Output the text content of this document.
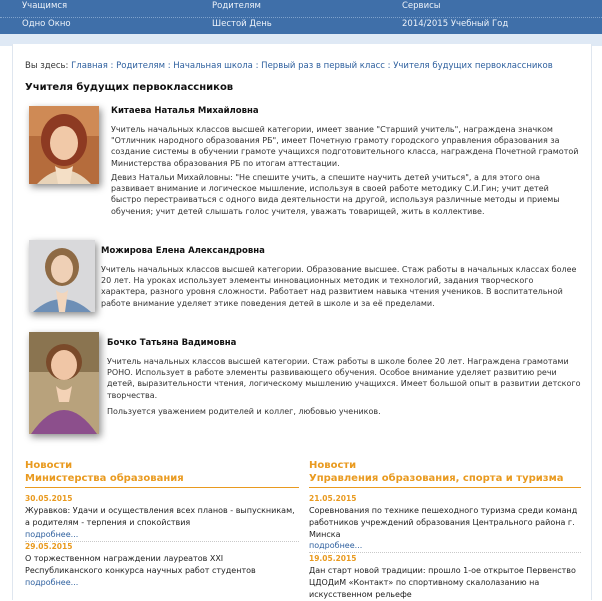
Учащимся	Родителям	Сервисы
Одно Окно	Шестой День	2014/2015 Учебный Год
Вы здесь: Главная : Родителям : Начальная школа : Первый раз в первый класс : Учителя будущих первоклассников
Учителя будущих первоклассников
Китаева Наталья Михайловна

Учитель начальных классов высшей категории, имеет звание "Старший учитель", награждена значком "Отличник народного образования РБ", имеет Почетную грамоту городского управления образования за создание системы в обучении грамоте учащихся подготовительного класса, награждена Почетной грамотой Министерства образования РБ по итогам аттестации.

Девиз Натальи Михайловны: "Не спешите учить, а спешите научить детей учиться", а для этого она развивает внимание и логическое мышление, используя в своей работе методику С.И.Гин; учит детей быстро перестраиваться с одного вида деятельности на другой, используя различные методы и приемы обучения; учит детей слышать голос учителя, уважать товарищей, жить в коллективе.

Можирова Елена Александровна

Учитель начальных классов высшей категории. Образование высшее. Стаж работы в начальных классах более 20 лет. На уроках использует элементы инновационных методик и технологий, задания творческого характера, разного уровня сложности. Работает над развитием навыка чтения учеников. В воспитательной работе внимание уделяет этике поведения детей в школе и за её пределами.

Бочко Татьяна Вадимовна

Учитель начальных классов высшей категории. Стаж работы в школе более 20 лет. Награждена грамотами РОНО. Использует в работе элементы развивающего обучения. Особое внимание уделяет развитию речи детей, выразительности чтения, логическому мышлению учащихся. Имеет большой опыт в развитии детского творчества.

Пользуется уважением родителей и коллег, любовью учеников.

Новости
Министерства образования
30.05.2015

Журавков: Удачи и осуществления всех планов - выпускникам, а родителям - терпения и спокойствия

подробнее...
29.05.2015

О торжественном награждении лауреатов XXI Республиканского конкурса научных работ студентов

подробнее...
Новости
Управления образования, спорта и туризма
21.05.2015

Соревнования по технике пешеходного туризма среди команд работников учреждений образования Центрального района г. Минска

подробнее...
19.05.2015

Дан старт новой традиции: прошло 1-ое открытое Первенство ЦДОДиМ «Контакт» по спортивному скалолазанию на искусственном рельефе
